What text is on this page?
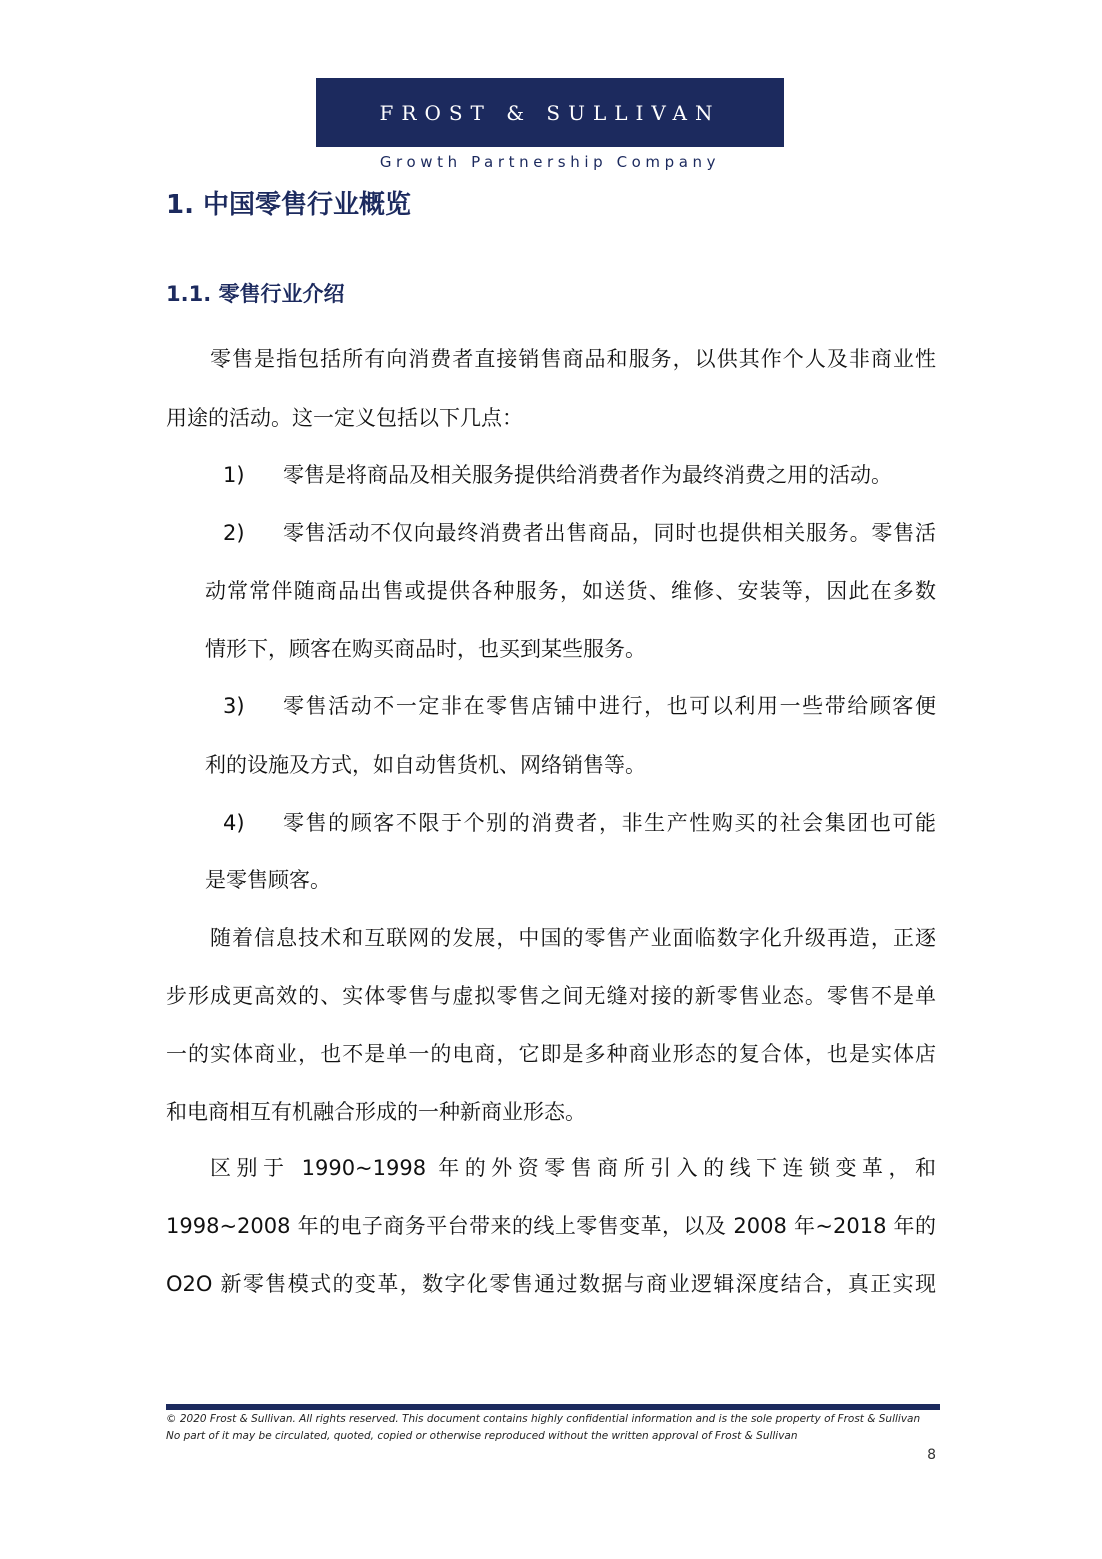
FROST & SULLIVAN
Growth Partnership Company
1. 中国零售行业概览
1.1. 零售行业介绍
零售是指包括所有向消费者直接销售商品和服务，以供其作个人及非商业性
用途的活动。这一定义包括以下几点：
1) 零售是将商品及相关服务提供给消费者作为最终消费之用的活动。
2) 零售活动不仅向最终消费者出售商品，同时也提供相关服务。零售活
动常常伴随商品出售或提供各种服务，如送货、维修、安装等，因此在多数
情形下，顾客在购买商品时，也买到某些服务。
3) 零售活动不一定非在零售店铺中进行，也可以利用一些带给顾客便
利的设施及方式，如自动售货机、网络销售等。
4) 零售的顾客不限于个别的消费者，非生产性购买的社会集团也可能
是零售顾客。
随着信息技术和互联网的发展，中国的零售产业面临数字化升级再造，正逐
步形成更高效的、实体零售与虚拟零售之间无缝对接的新零售业态。零售不是单
一的实体商业，也不是单一的电商，它即是多种商业形态的复合体，也是实体店
和电商相互有机融合形成的一种新商业形态。
区别于 1990~1998 年的外资零售商所引入的线下连锁变革，和
1998~2008 年的电子商务平台带来的线上零售变革，以及 2008 年~2018 年的
O2O 新零售模式的变革，数字化零售通过数据与商业逻辑深度结合，真正实现
© 2020 Frost & Sullivan. All rights reserved. This document contains highly confidential information and is the sole property of Frost & Sullivan
No part of it may be circulated, quoted, copied or otherwise reproduced without the written approval of Frost & Sullivan
8
